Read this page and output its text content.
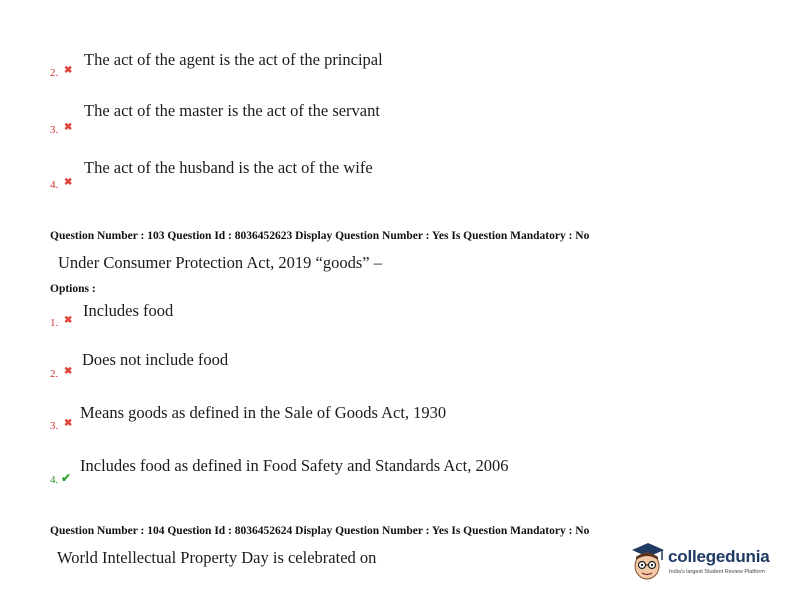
2. ✖
The act of the agent is the act of the principal
3. ✖
The act of the master is the act of the servant
4. ✖
The act of the husband is the act of the wife
Question Number : 103 Question Id : 8036452623 Display Question Number : Yes Is Question Mandatory : No
Under Consumer Protection Act, 2019 “goods” –
Options :
1. ✖
Includes food
2. ✖
Does not include food
3. ✖
Means goods as defined in the Sale of Goods Act, 1930
4. ✔
Includes food as defined in Food Safety and Standards Act, 2006
Question Number : 104 Question Id : 8036452624 Display Question Number : Yes Is Question Mandatory : No
World Intellectual Property Day is celebrated on	collegedunia
India's largest Student Review Platform
